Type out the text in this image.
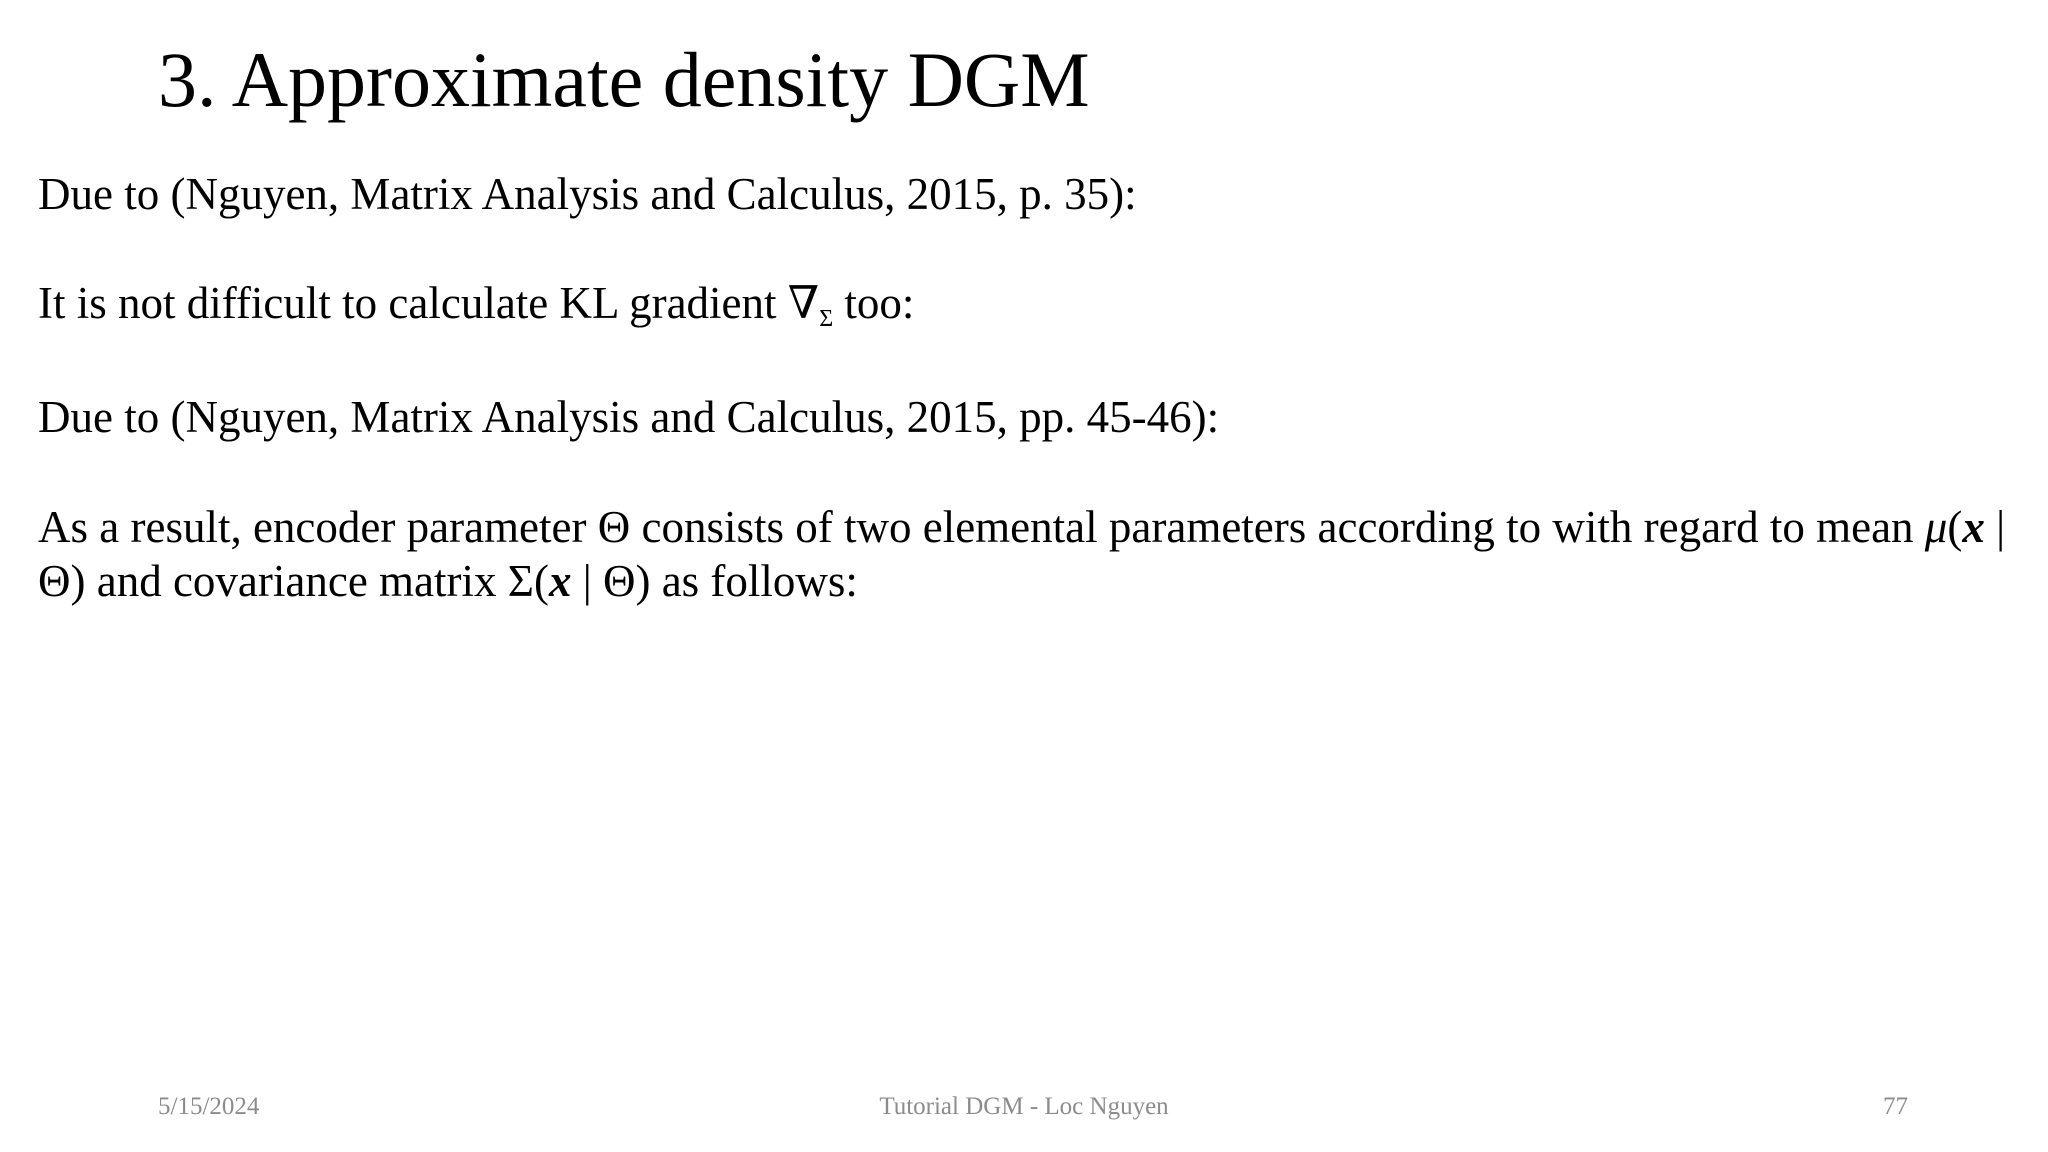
3. Approximate density DGM
Due to (Nguyen, Matrix Analysis and Calculus, 2015, p. 35):
It is not difficult to calculate KL gradient $\nabla_\Sigma$ too:
Due to (Nguyen, Matrix Analysis and Calculus, 2015, pp. 45-46):
As a result, encoder parameter Θ consists of two elemental parameters according to with regard to mean μ(x |
Θ) and covariance matrix Σ(x | Θ) as follows:
5/15/2024	Tutorial DGM - Loc Nguyen	77
